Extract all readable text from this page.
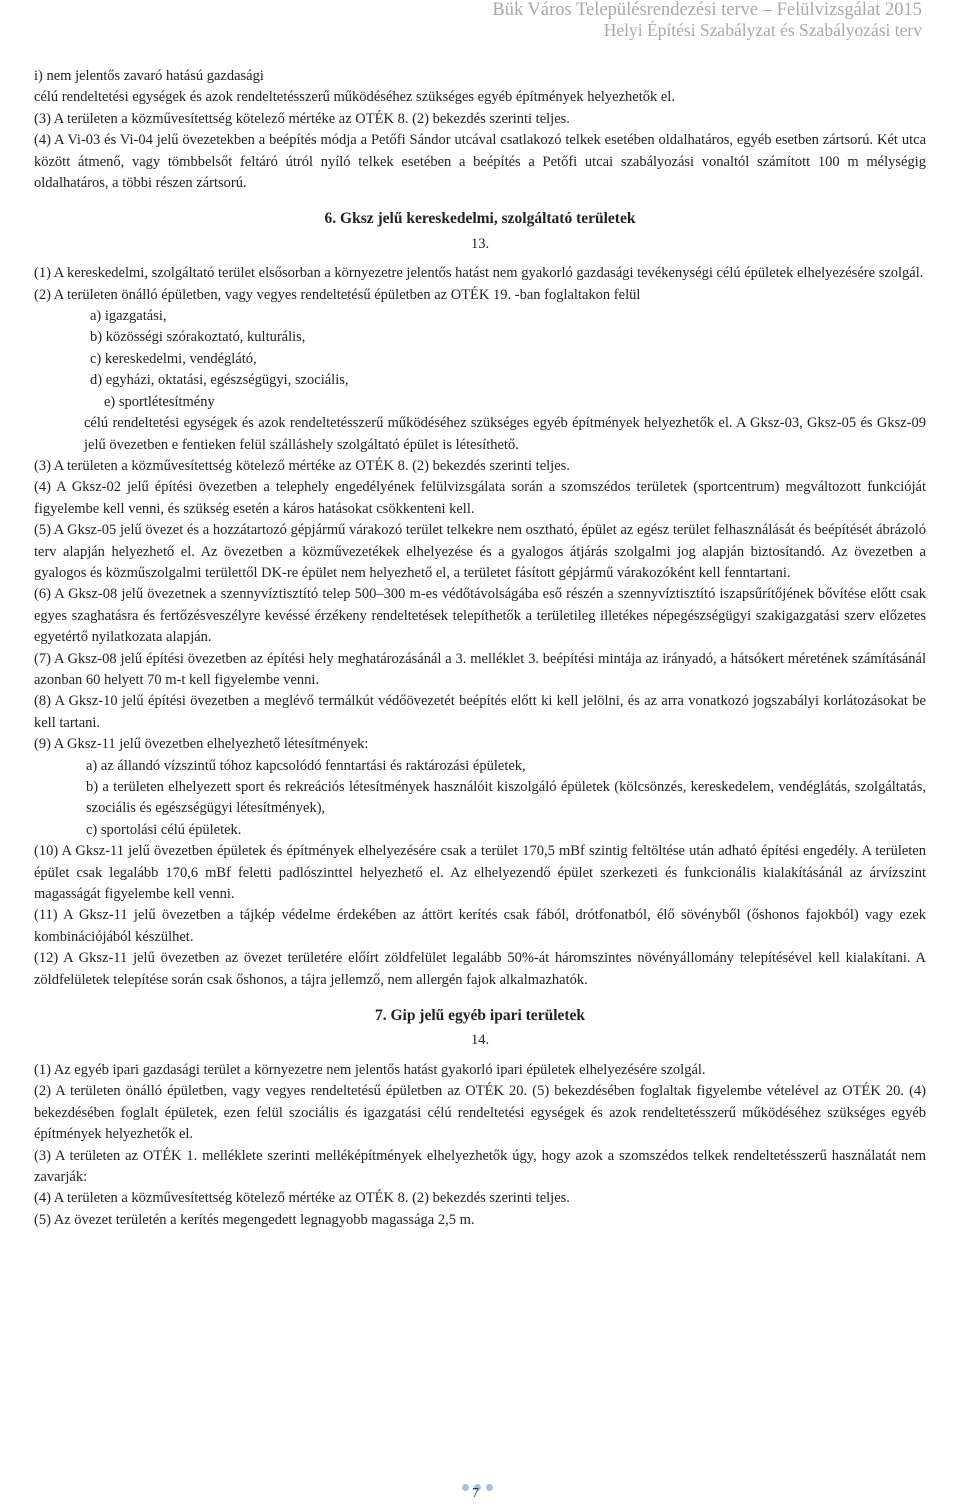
Bük Város Településrendezési terve – Felülvizsgálat 2015
Helyi Építési Szabályzat és Szabályozási terv

i) nem jelentős zavaró hatású gazdasági

célú rendeltetési egységek és azok rendeltetésszerű működéséhez szükséges egyéb építmények helyezhetők el.

(3) A területen a közművesítettség kötelező mértéke az OTÉK 8. (2) bekezdés szerinti teljes.

(4) A Vi-03 és Vi-04 jelű övezetekben a beépítés módja a Petőfi Sándor utcával csatlakozó telkek esetében oldalhatáros, egyéb esetben zártsorú. Két utca között átmenő, vagy tömbbelsőt feltáró útról nyíló telkek esetében a beépítés a Petőfi utcai szabályozási vonaltól számított 100 m mélységig oldalhatáros, a többi részen zártsorú.

6. Gksz jelű kereskedelmi, szolgáltató területek

13.

(1) A kereskedelmi, szolgáltató terület elsősorban a környezetre jelentős hatást nem gyakorló gazdasági tevékenységi célú épületek elhelyezésére szolgál.

(2) A területen önálló épületben, vagy vegyes rendeltetésű épületben az OTÉK 19. -ban foglaltakon felül

a) igazgatási,

b) közösségi szórakoztató, kulturális,

c) kereskedelmi, vendéglátó,

d) egyházi, oktatási, egészségügyi, szociális,

e) sportlétesítmény

célú rendeltetési egységek és azok rendeltetésszerű működéséhez szükséges egyéb építmények helyezhetők el. A Gksz-03, Gksz-05 és Gksz-09 jelű övezetben e fentieken felül szálláshely szolgáltató épület is létesíthető.

(3) A területen a közművesítettség kötelező mértéke az OTÉK 8. (2) bekezdés szerinti teljes.

(4) A Gksz-02 jelű építési övezetben a telephely engedélyének felülvizsgálata során a szomszédos területek (sportcentrum) megváltozott funkcióját figyelembe kell venni, és szükség esetén a káros hatásokat csökkenteni kell.

(5) A Gksz-05 jelű övezet és a hozzátartozó gépjármű várakozó terület telkekre nem osztható, épület az egész terület felhasználását és beépítését ábrázoló terv alapján helyezhető el. Az övezetben a közművezetékek elhelyezése és a gyalogos átjárás szolgalmi jog alapján biztosítandó. Az övezetben a gyalogos és közműszolgalmi területtől DK-re épület nem helyezhető el, a területet fásított gépjármű várakozóként kell fenntartani.

(6) A Gksz-08 jelű övezetnek a szennyvíztisztító telep 500–300 m-es védőtávolságába eső részén a szennyvíztisztító iszapsűrítőjének bővítése előtt csak egyes szaghatásra és fertőzésveszélyre kevéssé érzékeny rendeltetések telepíthetők a területileg illetékes népegészségügyi szakigazgatási szerv előzetes egyetértő nyilatkozata alapján.

(7) A Gksz-08 jelű építési övezetben az építési hely meghatározásánál a 3. melléklet 3. beépítési mintája az irányadó, a hátsókert méretének számításánál azonban 60 helyett 70 m-t kell figyelembe venni.

(8) A Gksz-10 jelű építési övezetben a meglévő termálkút védőövezetét beépítés előtt ki kell jelölni, és az arra vonatkozó jogszabályi korlátozásokat be kell tartani.

(9) A Gksz-11 jelű övezetben elhelyezhető létesítmények:

a) az állandó vízszintű tóhoz kapcsolódó fenntartási és raktározási épületek,

b) a területen elhelyezett sport és rekreációs létesítmények használóit kiszolgáló épületek (kölcsönzés, kereskedelem, vendéglátás, szolgáltatás, szociális és egészségügyi létesítmények),

c) sportolási célú épületek.

(10) A Gksz-11 jelű övezetben épületek és építmények elhelyezésére csak a terület 170,5 mBf szintig feltöltése után adható építési engedély. A területen épület csak legalább 170,6 mBf feletti padlószinttel helyezhető el. Az elhelyezendő épület szerkezeti és funkcionális kialakításánál az árvízszint magasságát figyelembe kell venni.

(11) A Gksz-11 jelű övezetben a tájkép védelme érdekében az áttört kerítés csak fából, drótfonatból, élő sövényből (őshonos fajokból) vagy ezek kombinációjából készülhet.

(12) A Gksz-11 jelű övezetben az övezet területére előírt zöldfelület legalább 50%-át háromszintes növényállomány telepítésével kell kialakítani. A zöldfelületek telepítése során csak őshonos, a tájra jellemző, nem allergén fajok alkalmazhatók.

7. Gip jelű egyéb ipari területek

14.

(1) Az egyéb ipari gazdasági terület a környezetre nem jelentős hatást gyakorló ipari épületek elhelyezésére szolgál.

(2) A területen önálló épületben, vagy vegyes rendeltetésű épületben az OTÉK 20. (5) bekezdésében foglaltak figyelembe vételével az OTÉK 20. (4) bekezdésében foglalt épületek, ezen felül szociális és igazgatási célú rendeltetési egységek és azok rendeltetésszerű működéséhez szükséges egyéb építmények helyezhetők el.

(3) A területen az OTÉK 1. melléklete szerinti melléképítmények elhelyezhetők úgy, hogy azok a szomszédos telkek rendeltetésszerű használatát nem zavarják:

(4) A területen a közművesítettség kötelező mértéke az OTÉK 8. (2) bekezdés szerinti teljes.

(5) Az övezet területén a kerítés megengedett legnagyobb magassága 2,5 m.

7
